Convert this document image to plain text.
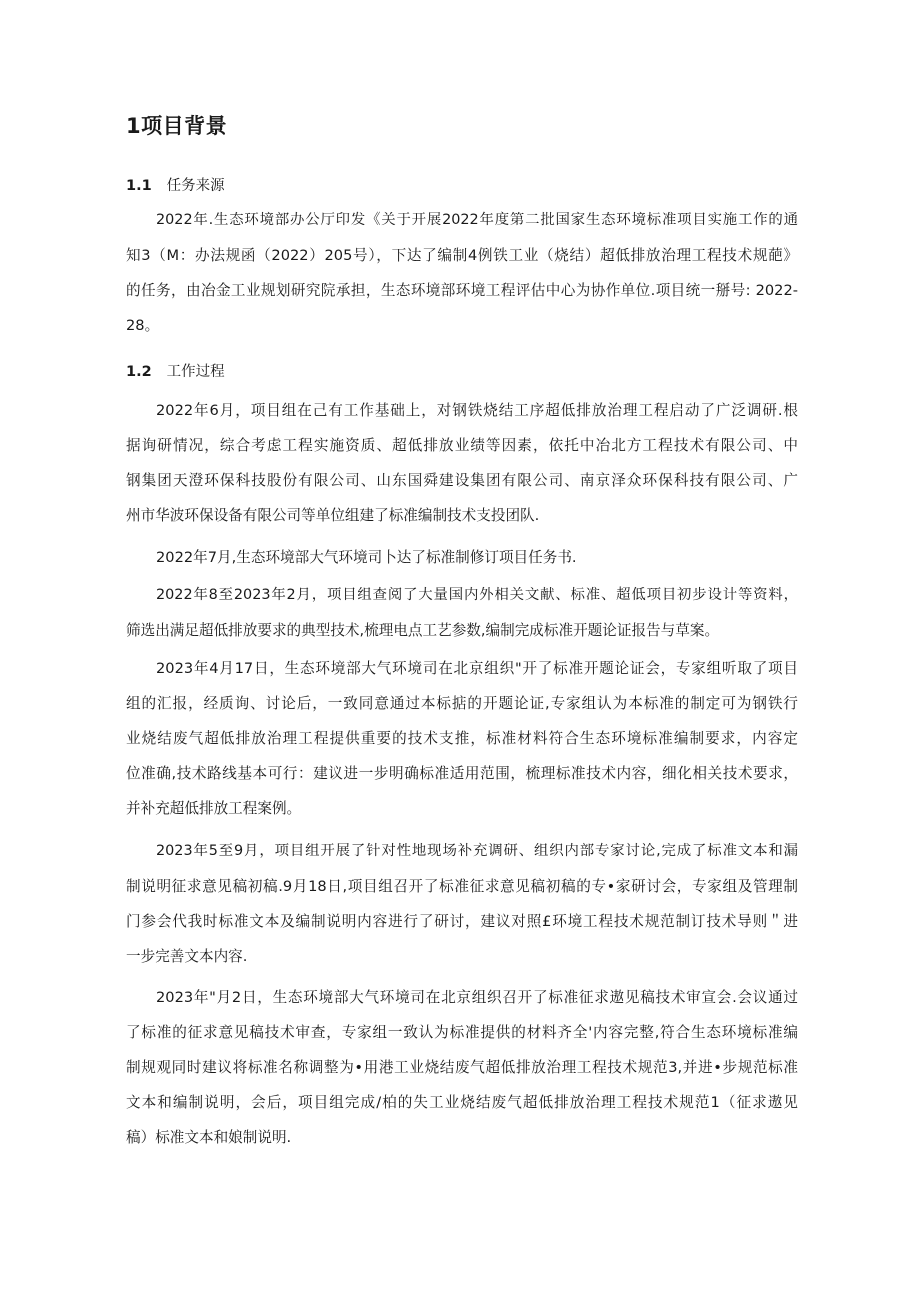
1项目背景
1.1 任务来源
2022年.生态环境部办公厅印发《关于开展2022年度第二批国家生态环境标准项目实施工作的通
知3（M：办法规函（2022）205号），下达了编制4例铁工业（烧结）超低排放治理工程技术规葩》
的任务，由冶金工业规划研究院承担，生态环境部环境工程评估中心为协作单位.项目统一掰号: 2022-
28。
1.2 工作过程
2022年6月，项目组在己有工作基础上，对钢铁烧结工序超低排放治理工程启动了广泛调研.根
据询研情况，综合考虑工程实施资质、超低排放业绩等因素，依托中冶北方工程技术有限公司、中
钢集团天澄环保科技股份有限公司、山东国舜建设集团有限公司、南京泽众环保科技有限公司、广
州市华波环保设备有限公司等单位组建了标准编制技术支投团队.
2022年7月,生态环境部大气环境司卜达了标准制修订项目任务书.
2022年8至2023年2月，项目组查阅了大量国内外相关文献、标准、超低项目初步设计等资料，
筛选出满足超低排放要求的典型技术,梳理电点工艺参数,编制完成标准开题论证报告与草案。
2023年4月17日，生态环境部大气环境司在北京组织"开了标准开题论证会，专家组听取了项目
组的汇报，经质询、讨论后，一致同意通过本标掂的开题论证,专家组认为本标准的制定可为钢铁行
业烧结废气超低排放治理工程提供重要的技术支推，标准材料符合生态环境标准编制要求，内容定
位准确,技术路线基本可行：建议进一步明确标准适用范围，梳理标准技术内容，细化相关技术要求，
并补充超低排放工程案例。
2023年5至9月，项目组开展了针对性地现场补充调研、组织内部专家讨论,完成了标准文本和漏
制说明征求意见稿初稿.9月18日,项目组召开了标准征求意见稿初稿的专•家研讨会，专家组及管理制
门参会代我时标准文本及编制说明内容进行了研讨，建议对照£环境工程技术规范制订技术导则＂进
一步完善文本内容.
2023年"月2日，生态环境部大气环境司在北京组织召开了标准征求遨见稿技术审宣会.会议通过
了标准的征求意见稿技术审查，专家组一致认为标准提供的材料齐全'内容完整,符合生态环境标准编
制规观同时建议将标准名称调整为•用港工业烧结废气超低排放治理工程技术规范3,并进•步规范标准
文本和编制说明，会后，项目组完成/柏的失工业烧结废气超低排放治理工程技术规范1（征求遨见
稿）标准文本和娘制说明.
